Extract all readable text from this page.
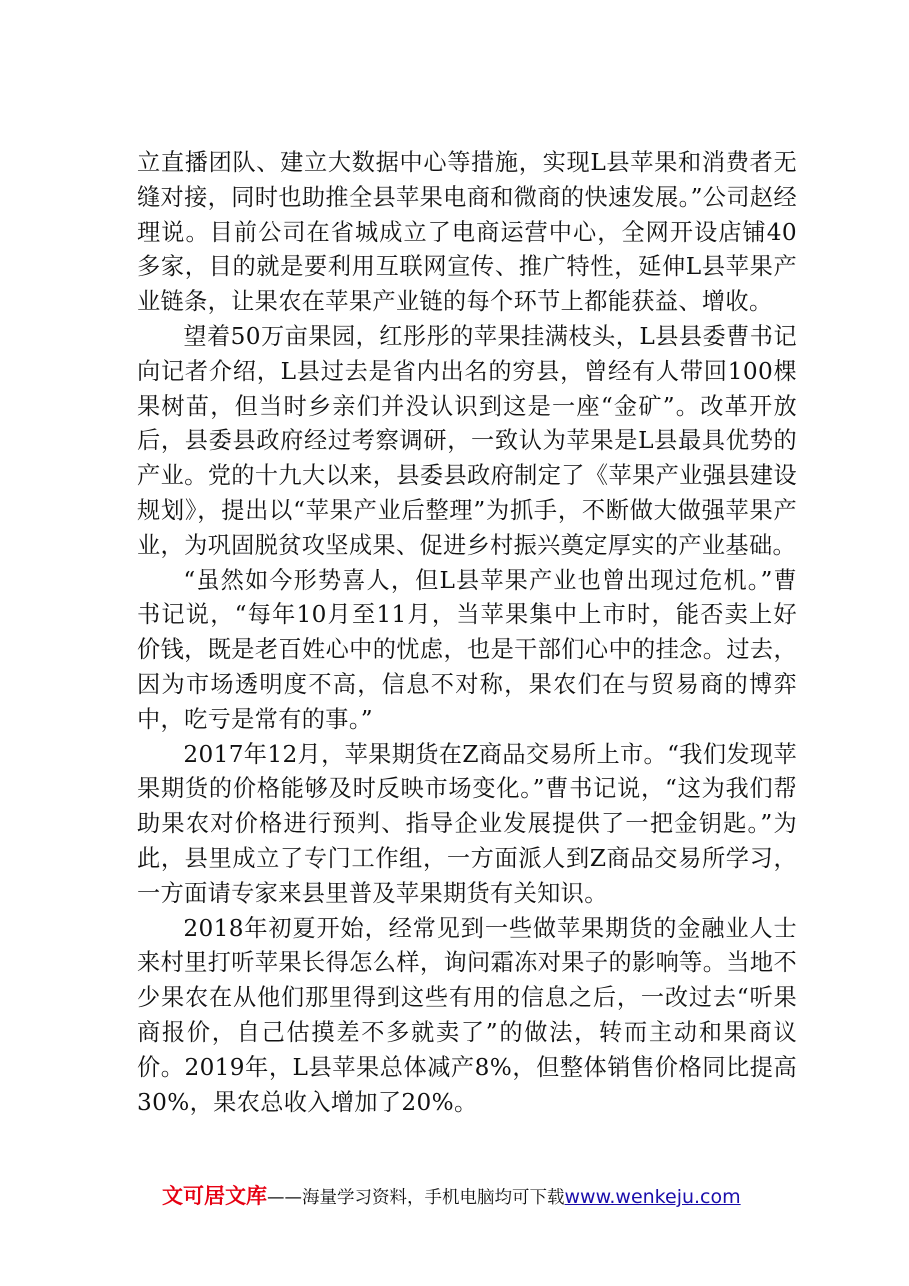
立直播团队、建立大数据中心等措施，实现L县苹果和消费者无缝对接，同时也助推全县苹果电商和微商的快速发展。”公司赵经理说。目前公司在省城成立了电商运营中心，全网开设店铺40多家，目的就是要利用互联网宣传、推广特性，延伸L县苹果产业链条，让果农在苹果产业链的每个环节上都能获益、增收。

望着50万亩果园，红彤彤的苹果挂满枝头，L县县委曹书记向记者介绍，L县过去是省内出名的穷县，曾经有人带回100棵果树苗，但当时乡亲们并没认识到这是一座“金矿”。改革开放后，县委县政府经过考察调研，一致认为苹果是L县最具优势的产业。党的十九大以来，县委县政府制定了《苹果产业强县建设规划》，提出以“苹果产业后整理”为抓手，不断做大做强苹果产业，为巩固脱贫攻坚成果、促进乡村振兴奠定厚实的产业基础。

“虽然如今形势喜人，但L县苹果产业也曾出现过危机。”曹书记说，“每年10月至11月，当苹果集中上市时，能否卖上好价钱，既是老百姓心中的忧虑，也是干部们心中的挂念。过去，因为市场透明度不高，信息不对称，果农们在与贸易商的博弈中，吃亏是常有的事。”

2017年12月，苹果期货在Z商品交易所上市。“我们发现苹果期货的价格能够及时反映市场变化。”曹书记说，“这为我们帮助果农对价格进行预判、指导企业发展提供了一把金钥匙。”为此，县里成立了专门工作组，一方面派人到Z商品交易所学习，一方面请专家来县里普及苹果期货有关知识。

2018年初夏开始，经常见到一些做苹果期货的金融业人士来村里打听苹果长得怎么样，询问霜冻对果子的影响等。当地不少果农在从他们那里得到这些有用的信息之后，一改过去“听果商报价，自己估摸差不多就卖了”的做法，转而主动和果商议价。2019年，L县苹果总体减产8%，但整体销售价格同比提高30%，果农总收入增加了20%。

文可居文库——海量学习资料，手机电脑均可下载www.wenkeju.com
